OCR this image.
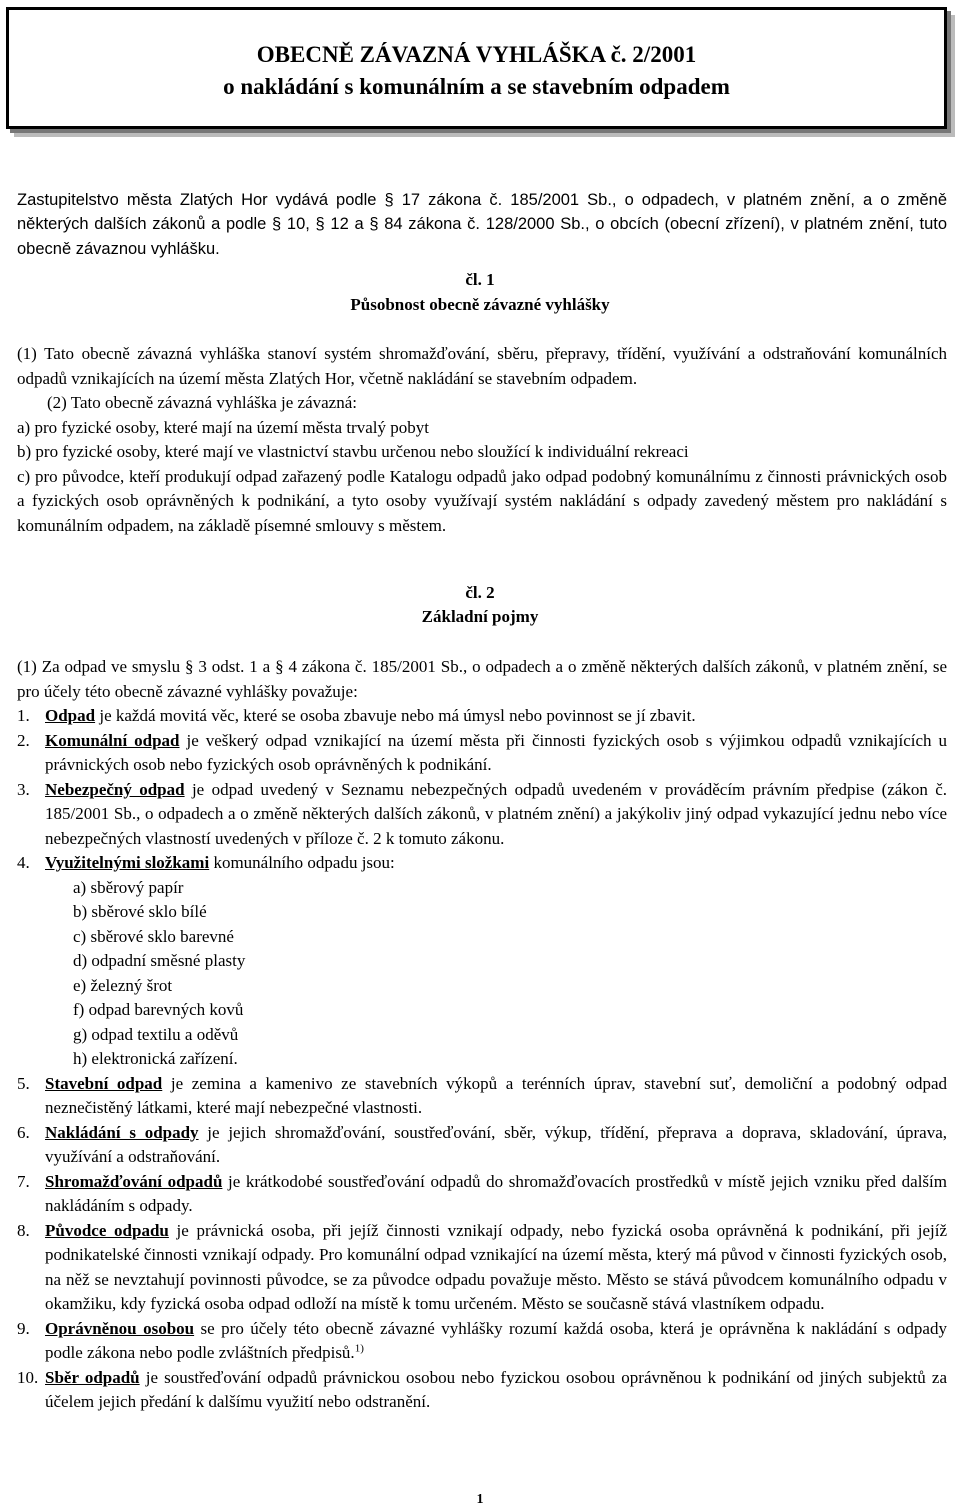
OBECNĚ ZÁVAZNÁ VYHLÁŠKA č. 2/2001
o nakládání s komunálním a se stavebním odpadem

Zastupitelstvo města Zlatých Hor vydává podle § 17 zákona č. 185/2001 Sb., o odpadech, v platném znění, a o změně některých dalších zákonů a podle § 10, § 12 a § 84 zákona č. 128/2000 Sb., o obcích (obecní zřízení), v platném znění, tuto obecně závaznou vyhlášku.

čl. 1
Působnost obecně závazné vyhlášky

(1) Tato obecně závazná vyhláška stanoví systém shromažďování, sběru, přepravy, třídění, využívání a odstraňování komunálních odpadů vznikajících na území města Zlatých Hor, včetně nakládání se stavebním odpadem.

(2) Tato obecně závazná vyhláška je závazná:

a) pro fyzické osoby, které mají na území města trvalý pobyt

b) pro fyzické osoby, které mají ve vlastnictví stavbu určenou nebo sloužící k individuální rekreaci

c) pro původce, kteří produkují odpad zařazený podle Katalogu odpadů jako odpad podobný komunálnímu z činnosti právnických osob a fyzických osob oprávněných k podnikání, a tyto osoby využívají systém nakládání s odpady zavedený městem pro nakládání s komunálním odpadem, na základě písemné smlouvy s městem.

čl. 2
Základní pojmy

(1) Za odpad ve smyslu § 3 odst. 1 a § 4 zákona č. 185/2001 Sb., o odpadech a o změně některých dalších zákonů, v platném znění, se pro účely této obecně závazné vyhlášky považuje:

1. Odpad je každá movitá věc, které se osoba zbavuje nebo má úmysl nebo povinnost se jí zbavit.
2. Komunální odpad je veškerý odpad vznikající na území města při činnosti fyzických osob s výjimkou odpadů vznikajících u právnických osob nebo fyzických osob oprávněných k podnikání.
3. Nebezpečný odpad je odpad uvedený v Seznamu nebezpečných odpadů uvedeném v prováděcím právním předpise (zákon č. 185/2001 Sb., o odpadech a o změně některých dalších zákonů, v platném znění) a jakýkoliv jiný odpad vykazující jednu nebo více nebezpečných vlastností uvedených v příloze č. 2 k tomuto zákonu.
4. Využitelnými složkami komunálního odpadu jsou:
a) sběrový papír
b) sběrové sklo bílé
c) sběrové sklo barevné
d) odpadní směsné plasty
e) železný šrot
f) odpad barevných kovů
g) odpad textilu a oděvů
h) elektronická zařízení.
5. Stavební odpad je zemina a kamenivo ze stavebních výkopů a terénních úprav, stavební suť, demoliční a podobný odpad neznečistěný látkami, které mají nebezpečné vlastnosti.
6. Nakládání s odpady je jejich shromažďování, soustřeďování, sběr, výkup, třídění, přeprava a doprava, skladování, úprava, využívání a odstraňování.
7. Shromažďování odpadů je krátkodobé soustřeďování odpadů do shromažďovacích prostředků v místě jejich vzniku před dalším nakládáním s odpady.
8. Původce odpadu je právnická osoba, při jejíž činnosti vznikají odpady, nebo fyzická osoba oprávněná k podnikání, při jejíž podnikatelské činnosti vznikají odpady. Pro komunální odpad vznikající na území města, který má původ v činnosti fyzických osob, na něž se nevztahují povinnosti původce, se za původce odpadu považuje město. Město se stává původcem komunálního odpadu v okamžiku, kdy fyzická osoba odpad odloží na místě k tomu určeném. Město se současně stává vlastníkem odpadu.
9. Oprávněnou osobou se pro účely této obecně závazné vyhlášky rozumí každá osoba, která je oprávněna k nakládání s odpady podle zákona nebo podle zvláštních předpisů.$^{1)}$
10. Sběr odpadů je soustřeďování odpadů právnickou osobou nebo fyzickou osobou oprávněnou k podnikání od jiných subjektů za účelem jejich předání k dalšímu využití nebo odstranění.
1
